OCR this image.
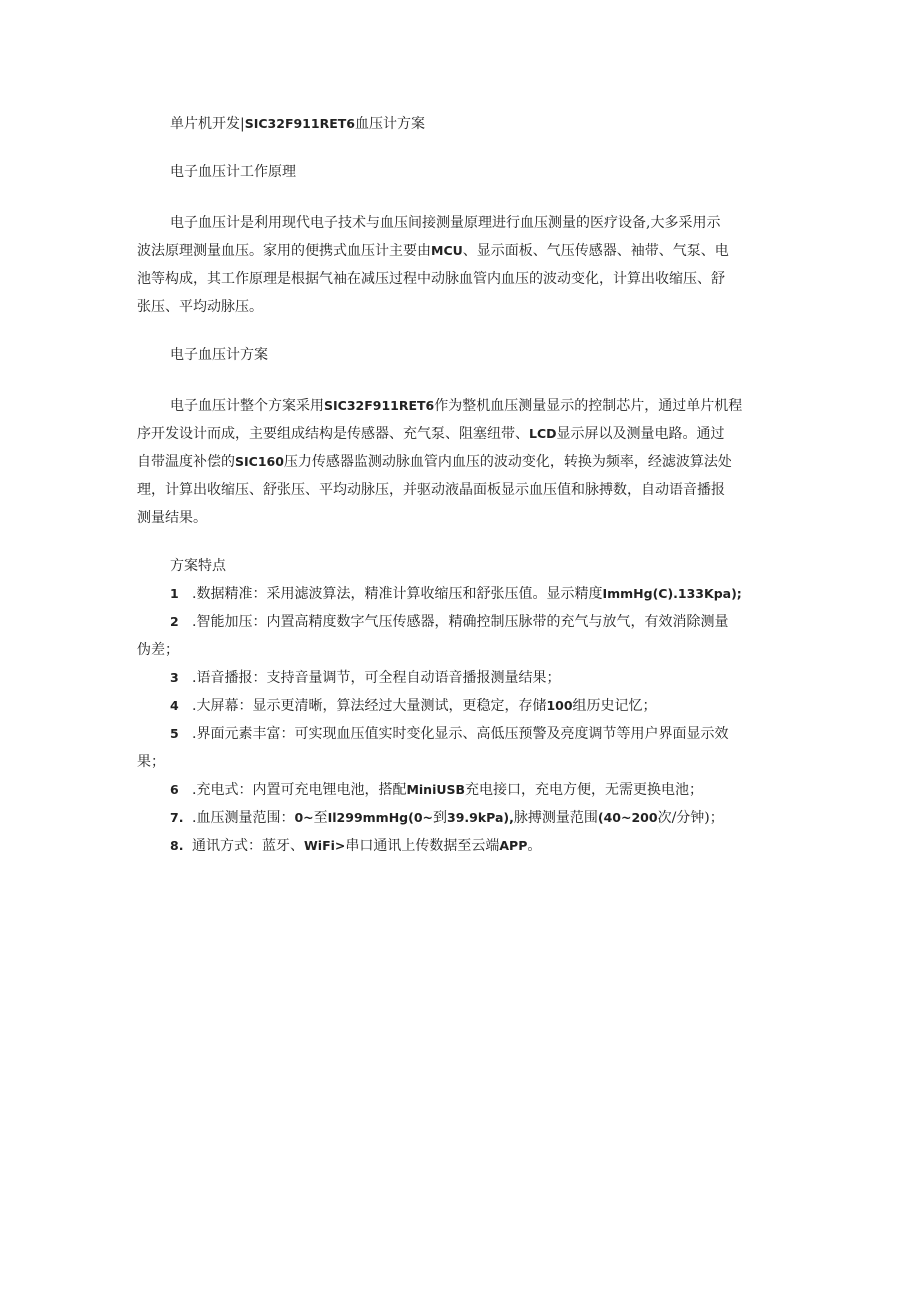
单片机开发|SIC32F911RET6血压计方案

电子血压计工作原理

电子血压计是利用现代电子技术与血压间接测量原理进行血压测量的医疗设备,大多采用示

波法原理测量血压。家用的便携式血压计主要由MCU、显示面板、气压传感器、袖带、气泵、电

池等构成，其工作原理是根据气袖在减压过程中动脉血管内血压的波动变化，计算出收缩压、舒

张压、平均动脉压。

电子血压计方案

电子血压计整个方案采用SIC32F911RET6作为整机血压测量显示的控制芯片，通过单片机程

序开发设计而成，主要组成结构是传感器、充气泵、阻塞纽带、LCD显示屏以及测量电路。通过

自带温度补偿的SIC160压力传感器监测动脉血管内血压的波动变化，转换为频率，经滤波算法处

理，计算出收缩压、舒张压、平均动脉压，并驱动液晶面板显示血压值和脉搏数，自动语音播报

测量结果。

方案特点

1 .数据精准：采用滤波算法，精准计算收缩压和舒张压值。显示精度ImmHg(C).133Kpa);
2 .智能加压：内置高精度数字气压传感器，精确控制压脉带的充气与放气，有效消除测量
伪差；
3 .语音播报：支持音量调节，可全程自动语音播报测量结果；
4 .大屏幕：显示更清晰，算法经过大量测试，更稳定，存储100组历史记忆；
5 .界面元素丰富：可实现血压值实时变化显示、高低压预警及亮度调节等用户界面显示效
果；
6 .充电式：内置可充电锂电池，搭配MiniUSB充电接口，充电方便，无需更换电池；
7. .血压测量范围：0~至Il299mmHg(0~到39.9kPa),脉搏测量范围(40~200次/分钟)；
8. 通讯方式：蓝牙、WiFi>串口通讯上传数据至云端APP。
